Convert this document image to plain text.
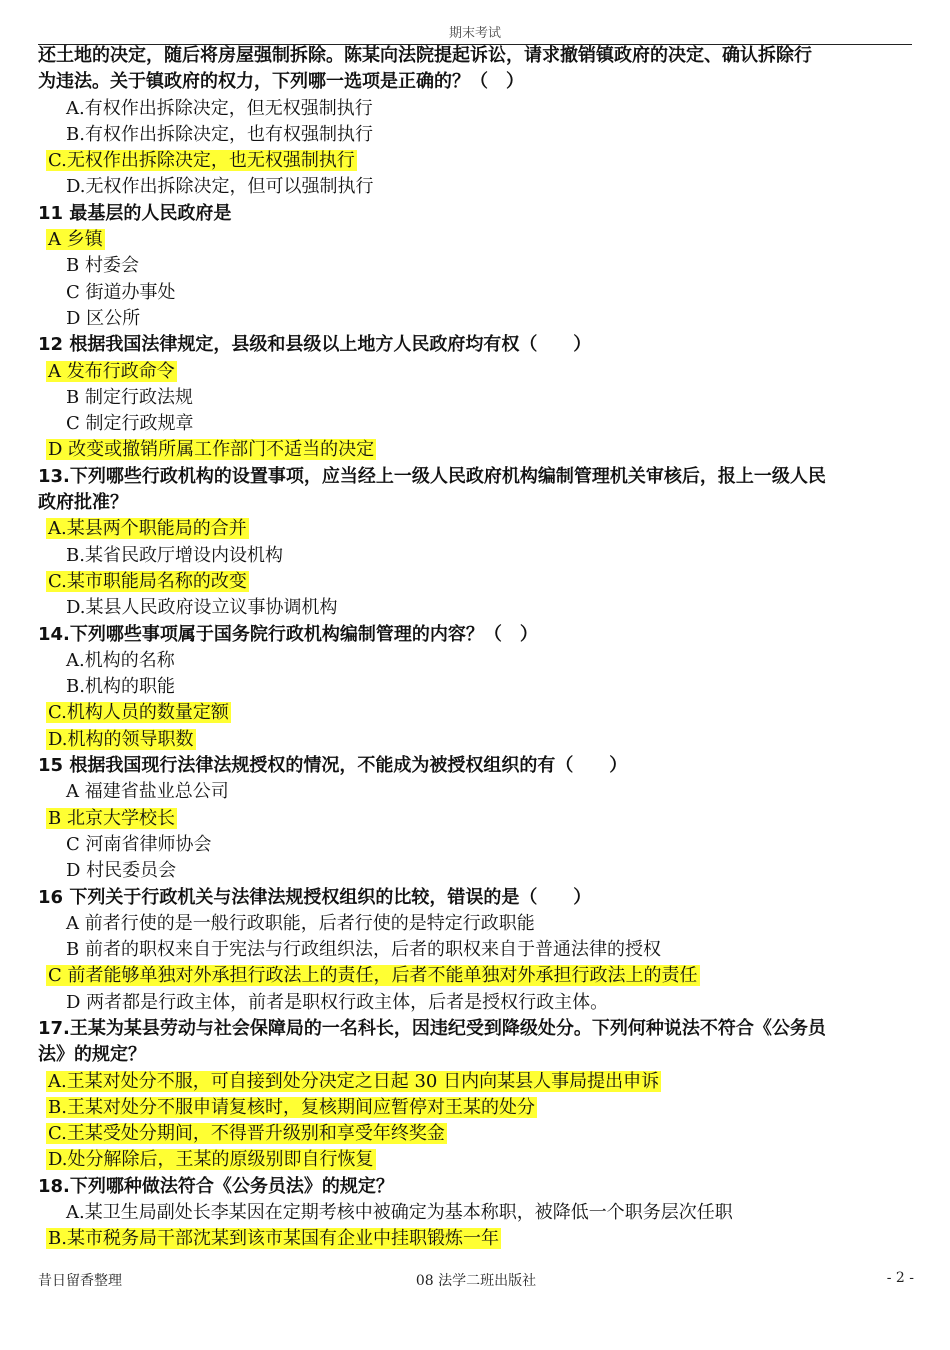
期末考试
还土地的决定，随后将房屋强制拆除。陈某向法院提起诉讼，请求撤销镇政府的决定、确认拆除行
为违法。关于镇政府的权力，下列哪一选项是正确的？（　）
A.有权作出拆除决定，但无权强制执行
B.有权作出拆除决定，也有权强制执行
C.无权作出拆除决定，也无权强制执行
D.无权作出拆除决定，但可以强制执行
11 最基层的人民政府是
A 乡镇
B 村委会
C 街道办事处
D 区公所
12 根据我国法律规定，县级和县级以上地方人民政府均有权（　　）
A 发布行政命令
B 制定行政法规
C 制定行政规章
D 改变或撤销所属工作部门不适当的决定
13.下列哪些行政机构的设置事项，应当经上一级人民政府机构编制管理机关审核后，报上一级人民
政府批准？
A.某县两个职能局的合并
B.某省民政厅增设内设机构
C.某市职能局名称的改变
D.某县人民政府设立议事协调机构
14.下列哪些事项属于国务院行政机构编制管理的内容？（　）
A.机构的名称
B.机构的职能
C.机构人员的数量定额
D.机构的领导职数
15 根据我国现行法律法规授权的情况，不能成为被授权组织的有（　　）
A 福建省盐业总公司
B 北京大学校长
C 河南省律师协会
D 村民委员会
16 下列关于行政机关与法律法规授权组织的比较，错误的是（　　）
A 前者行使的是一般行政职能，后者行使的是特定行政职能
B 前者的职权来自于宪法与行政组织法，后者的职权来自于普通法律的授权
C 前者能够单独对外承担行政法上的责任，后者不能单独对外承担行政法上的责任
D 两者都是行政主体，前者是职权行政主体，后者是授权行政主体。
17.王某为某县劳动与社会保障局的一名科长，因违纪受到降级处分。下列何种说法不符合《公务员
法》的规定？
A.王某对处分不服，可自接到处分决定之日起 30 日内向某县人事局提出申诉
B.王某对处分不服申请复核时，复核期间应暂停对王某的处分
C.王某受处分期间，不得晋升级别和享受年终奖金
D.处分解除后，王某的原级别即自行恢复
18.下列哪种做法符合《公务员法》的规定？
A.某卫生局副处长李某因在定期考核中被确定为基本称职，被降低一个职务层次任职
B.某市税务局干部沈某到该市某国有企业中挂职锻炼一年
昔日留香整理	08 法学二班出版社	- 2 -
